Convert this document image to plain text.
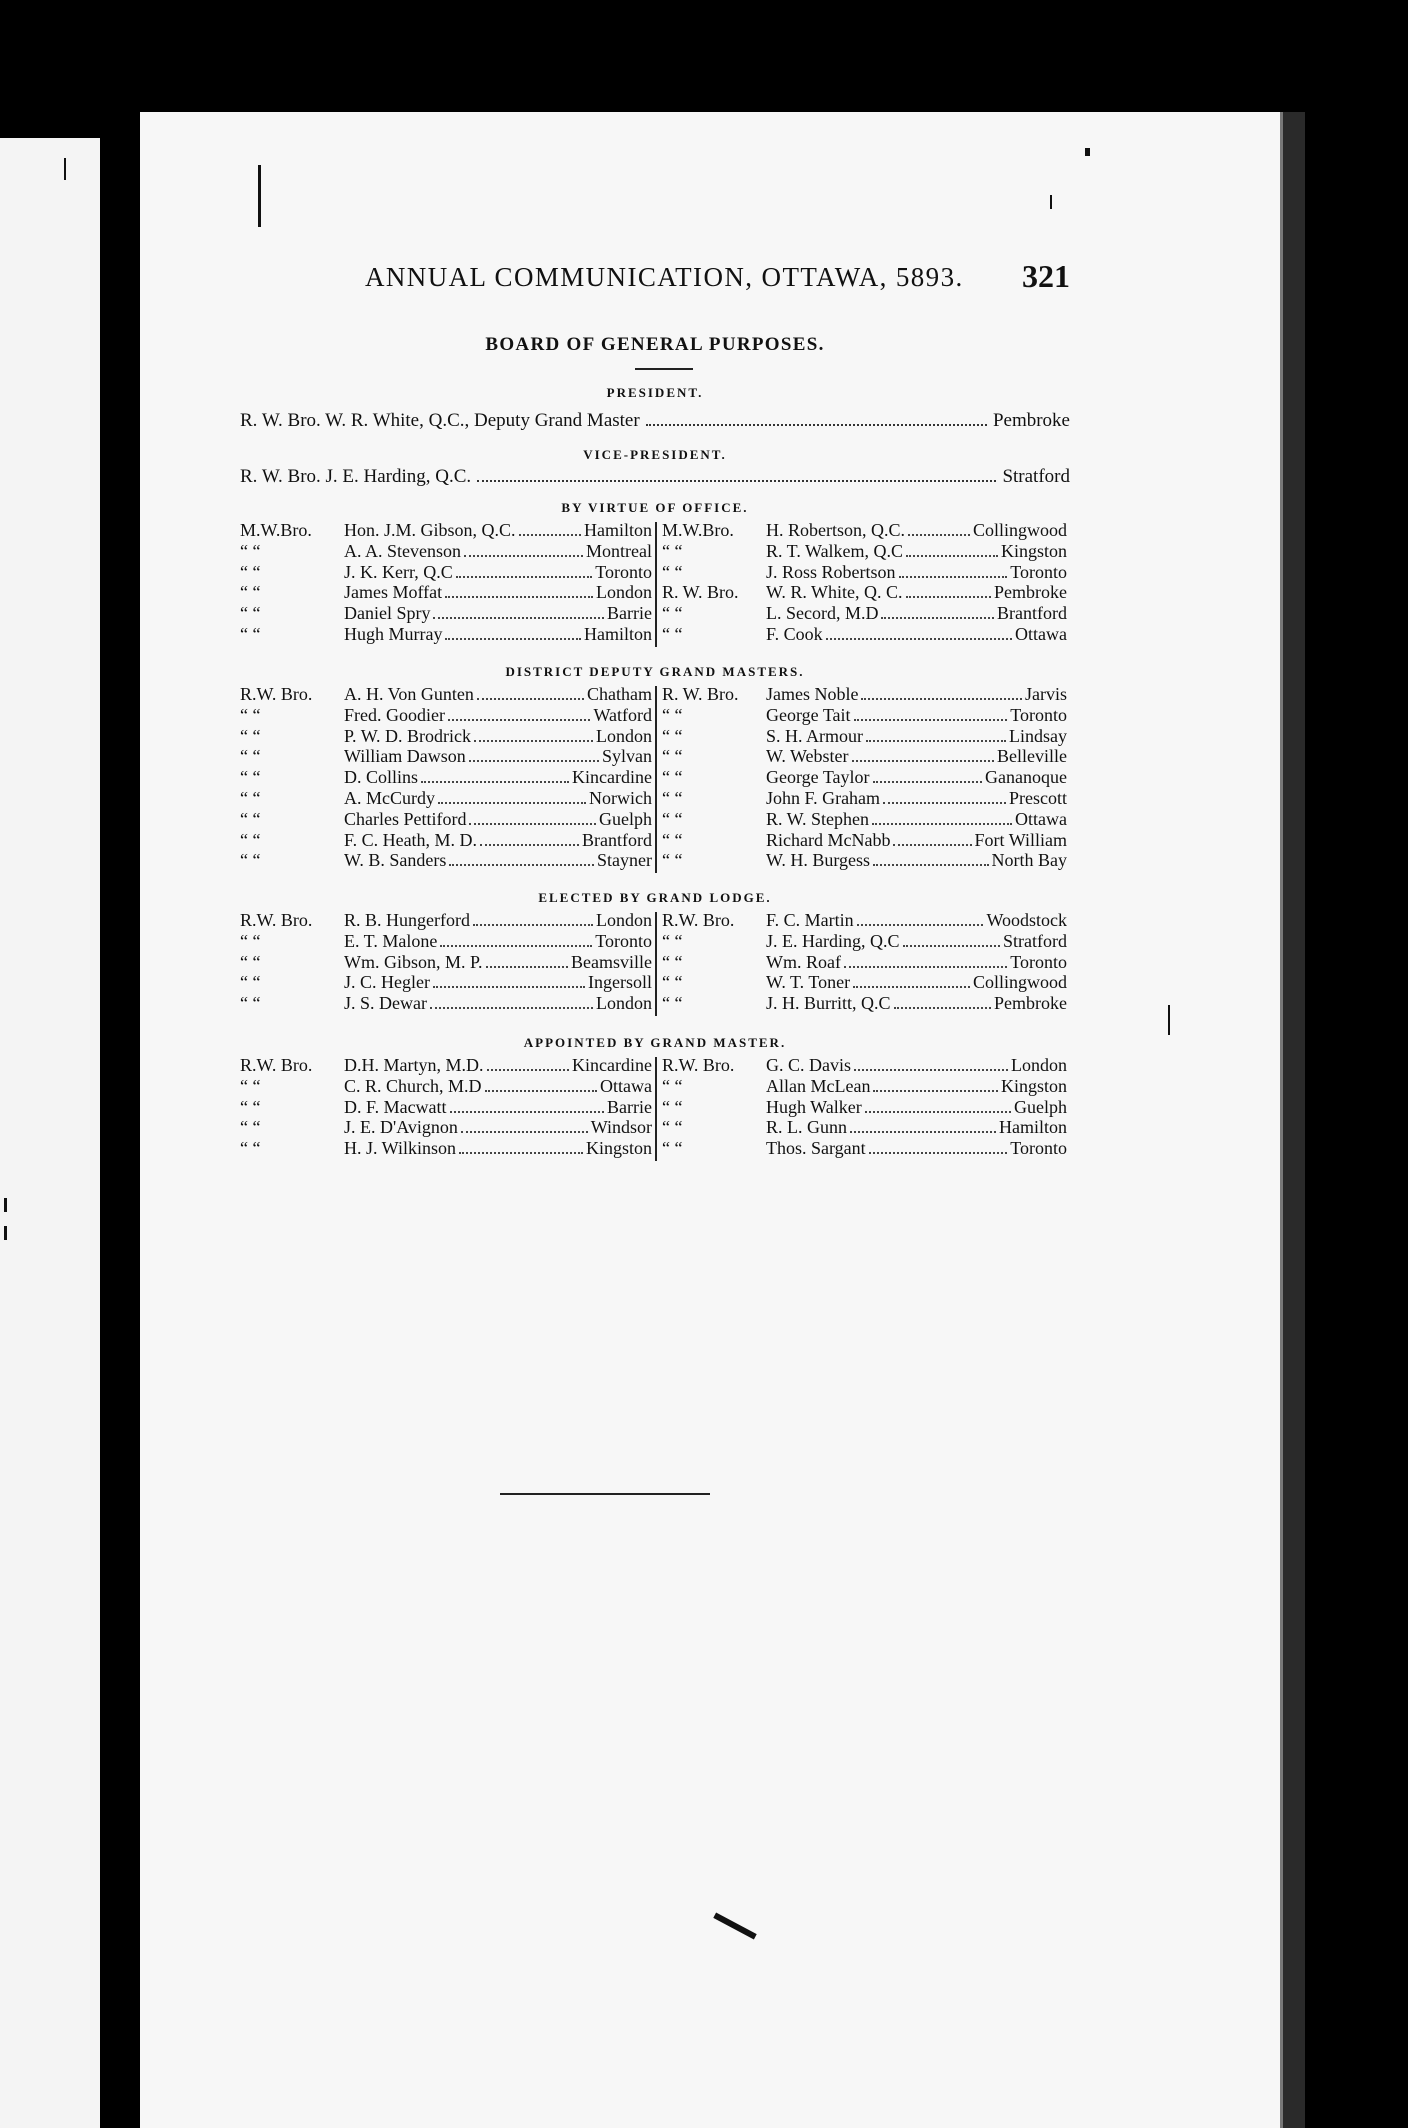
ANNUAL COMMUNICATION, OTTAWA, 5893. 321
BOARD OF GENERAL PURPOSES.
PRESIDENT.
R. W. Bro. W. R. White, Q.C., Deputy Grand Master	Pembroke
VICE-PRESIDENT.
R. W. Bro. J. E. Harding, Q.C.	Stratford
BY VIRTUE OF OFFICE.
M.W.Bro.	Hon. J.M. Gibson, Q.C.	Hamilton
“ “	A. A. Stevenson	Montreal
“ “	J. K. Kerr, Q.C	Toronto
“ “	James Moffat	London
“ “	Daniel Spry	Barrie
“ “	Hugh Murray	Hamilton
M.W.Bro.	H. Robertson, Q.C.	Collingwood
“ “	R. T. Walkem, Q.C	Kingston
“ “	J. Ross Robertson	Toronto
R. W. Bro.	W. R. White, Q. C.	Pembroke
“ “	L. Secord, M.D	Brantford
“ “	F. Cook	Ottawa
DISTRICT DEPUTY GRAND MASTERS.
R.W. Bro.	A. H. Von Gunten	Chatham
“ “	Fred. Goodier	Watford
“ “	P. W. D. Brodrick	London
“ “	William Dawson	Sylvan
“ “	D. Collins	Kincardine
“ “	A. McCurdy	Norwich
“ “	Charles Pettiford	Guelph
“ “	F. C. Heath, M. D.	Brantford
“ “	W. B. Sanders	Stayner
R. W. Bro.	James Noble	Jarvis
“ “	George Tait	Toronto
“ “	S. H. Armour	Lindsay
“ “	W. Webster	Belleville
“ “	George Taylor	Gananoque
“ “	John F. Graham	Prescott
“ “	R. W. Stephen	Ottawa
“ “	Richard McNabb	Fort William
“ “	W. H. Burgess	North Bay
ELECTED BY GRAND LODGE.
R.W. Bro.	R. B. Hungerford	London
“ “	E. T. Malone	Toronto
“ “	Wm. Gibson, M. P.	Beamsville
“ “	J. C. Hegler	Ingersoll
“ “	J. S. Dewar	London
R.W. Bro.	F. C. Martin	Woodstock
“ “	J. E. Harding, Q.C	Stratford
“ “	Wm. Roaf	Toronto
“ “	W. T. Toner	Collingwood
“ “	J. H. Burritt, Q.C	Pembroke
APPOINTED BY GRAND MASTER.
R.W. Bro.	D.H. Martyn, M.D.	Kincardine
“ “	C. R. Church, M.D	Ottawa
“ “	D. F. Macwatt	Barrie
“ “	J. E. D'Avignon	Windsor
“ “	H. J. Wilkinson	Kingston
R.W. Bro.	G. C. Davis	London
“ “	Allan McLean	Kingston
“ “	Hugh Walker	Guelph
“ “	R. L. Gunn	Hamilton
“ “	Thos. Sargant	Toronto
